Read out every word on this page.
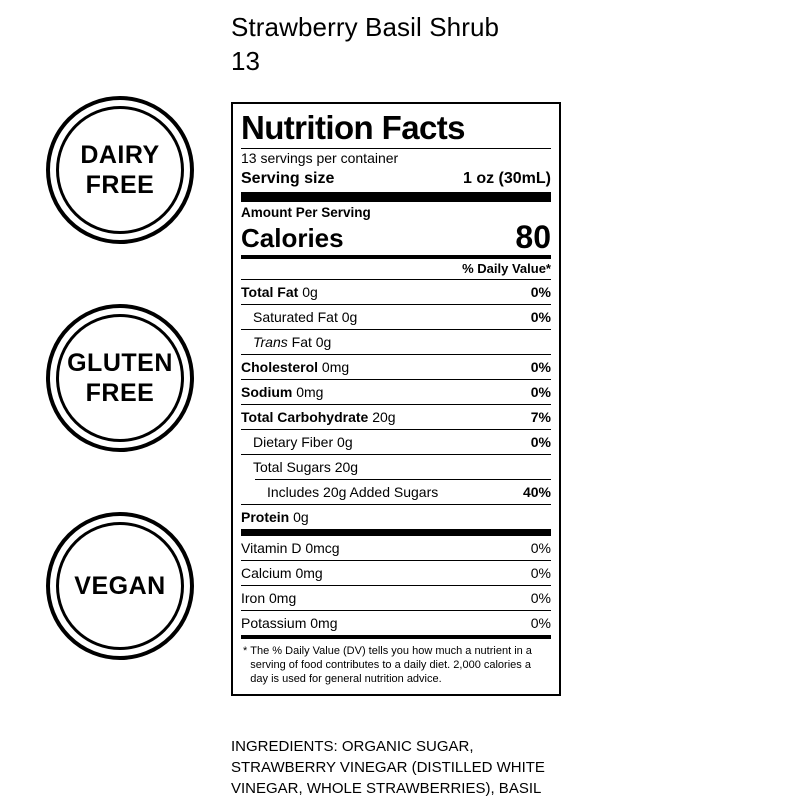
Strawberry Basil Shrub
13
DAIRY
FREE
GLUTEN
FREE
VEGAN
Nutrition Facts
13 servings per container
Serving size	1 oz (30mL)
Amount Per Serving
Calories	80
% Daily Value*
Total Fat 0g	0%
Saturated Fat 0g	0%
Trans Fat 0g
Cholesterol 0mg	0%
Sodium 0mg	0%
Total Carbohydrate 20g	7%
Dietary Fiber 0g	0%
Total Sugars 20g
Includes 20g Added Sugars	40%
Protein 0g
Vitamin D 0mcg	0%
Calcium 0mg	0%
Iron 0mg	0%
Potassium 0mg	0%
* The % Daily Value (DV) tells you how much a nutrient in a serving of food contributes to a daily diet. 2,000 calories a day is used for general nutrition advice.
INGREDIENTS: ORGANIC SUGAR, STRAWBERRY VINEGAR (DISTILLED WHITE VINEGAR, WHOLE STRAWBERRIES), BASIL
